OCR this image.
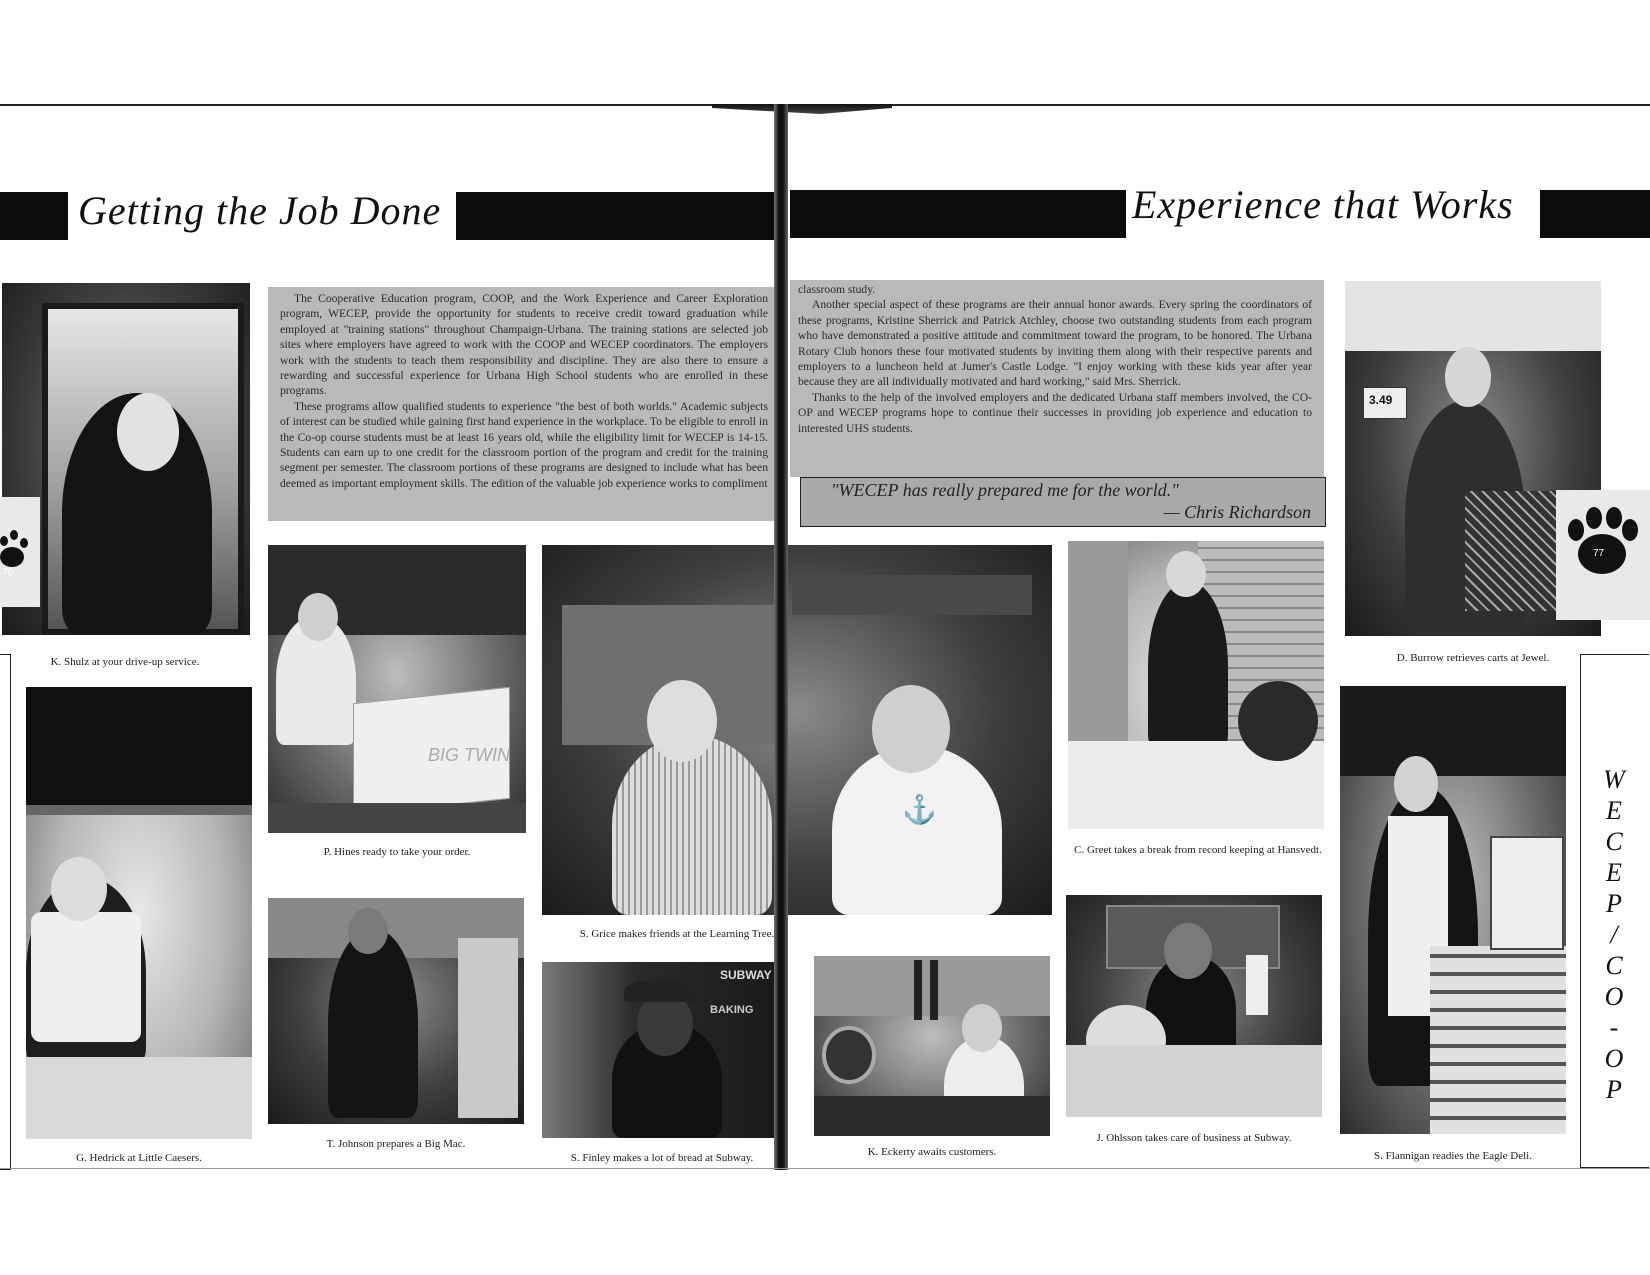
Getting the Job Done
76
K. Shulz at your drive-up service.

The Cooperative Education program, COOP, and the Work Experience and Career Exploration program, WECEP, provide the opportunity for students to receive credit toward graduation while employed at "training stations" throughout Champaign-Urbana. The training stations are selected job sites where employers have agreed to work with the COOP and WECEP coordinators. The employers work with the students to teach them responsibility and discipline. They are also there to ensure a rewarding and successful experience for Urbana High School students who are enrolled in these programs.

These programs allow qualified students to experience "the best of both worlds." Academic subjects of interest can be studied while gaining first hand experience in the workplace. To be eligible to enroll in the Co-op course students must be at least 16 years old, while the eligibility limit for WECEP is 14-15. Students can earn up to one credit for the classroom portion of the program and credit for the training segment per semester. The classroom portions of these programs are designed to include what has been deemed as important employment skills. The edition of the valuable job experience works to compliment

BIG TWIN
P. Hines ready to take your order.
G. Hedrick at Little Caesers.
T. Johnson prepares a Big Mac.
⚓
S. Grice makes friends at the Learning Tree.
SUBWAY
BAKING
S. Finley makes a lot of bread at Subway.
Experience that Works

classroom study.

Another special aspect of these programs are their annual honor awards. Every spring the coordinators of these programs, Kristine Sherrick and Patrick Atchley, choose two outstanding students from each program who have demonstrated a positive attitude and commitment toward the program, to be honored. The Urbana Rotary Club honors these four motivated students by inviting them along with their respective parents and employers to a luncheon held at Jumer's Castle Lodge. "I enjoy working with these kids year after year because they are all individually motivated and hard working," said Mrs. Sherrick.

Thanks to the help of the involved employers and the dedicated Urbana staff members involved, the CO-OP and WECEP programs hope to continue their successes in providing job experience and education to interested UHS students.

"WECEP has really prepared me for the world."
— Chris Richardson
3.49
77
D. Burrow retrieves carts at Jewel.
C. Greet takes a break from record keeping at Hansvedt.
K. Eckerty awaits customers.
J. Ohlsson takes care of business at Subway.
S. Flannigan readies the Eagle Deli.
W
E
C
E
P
/
C
O
-
O
P
